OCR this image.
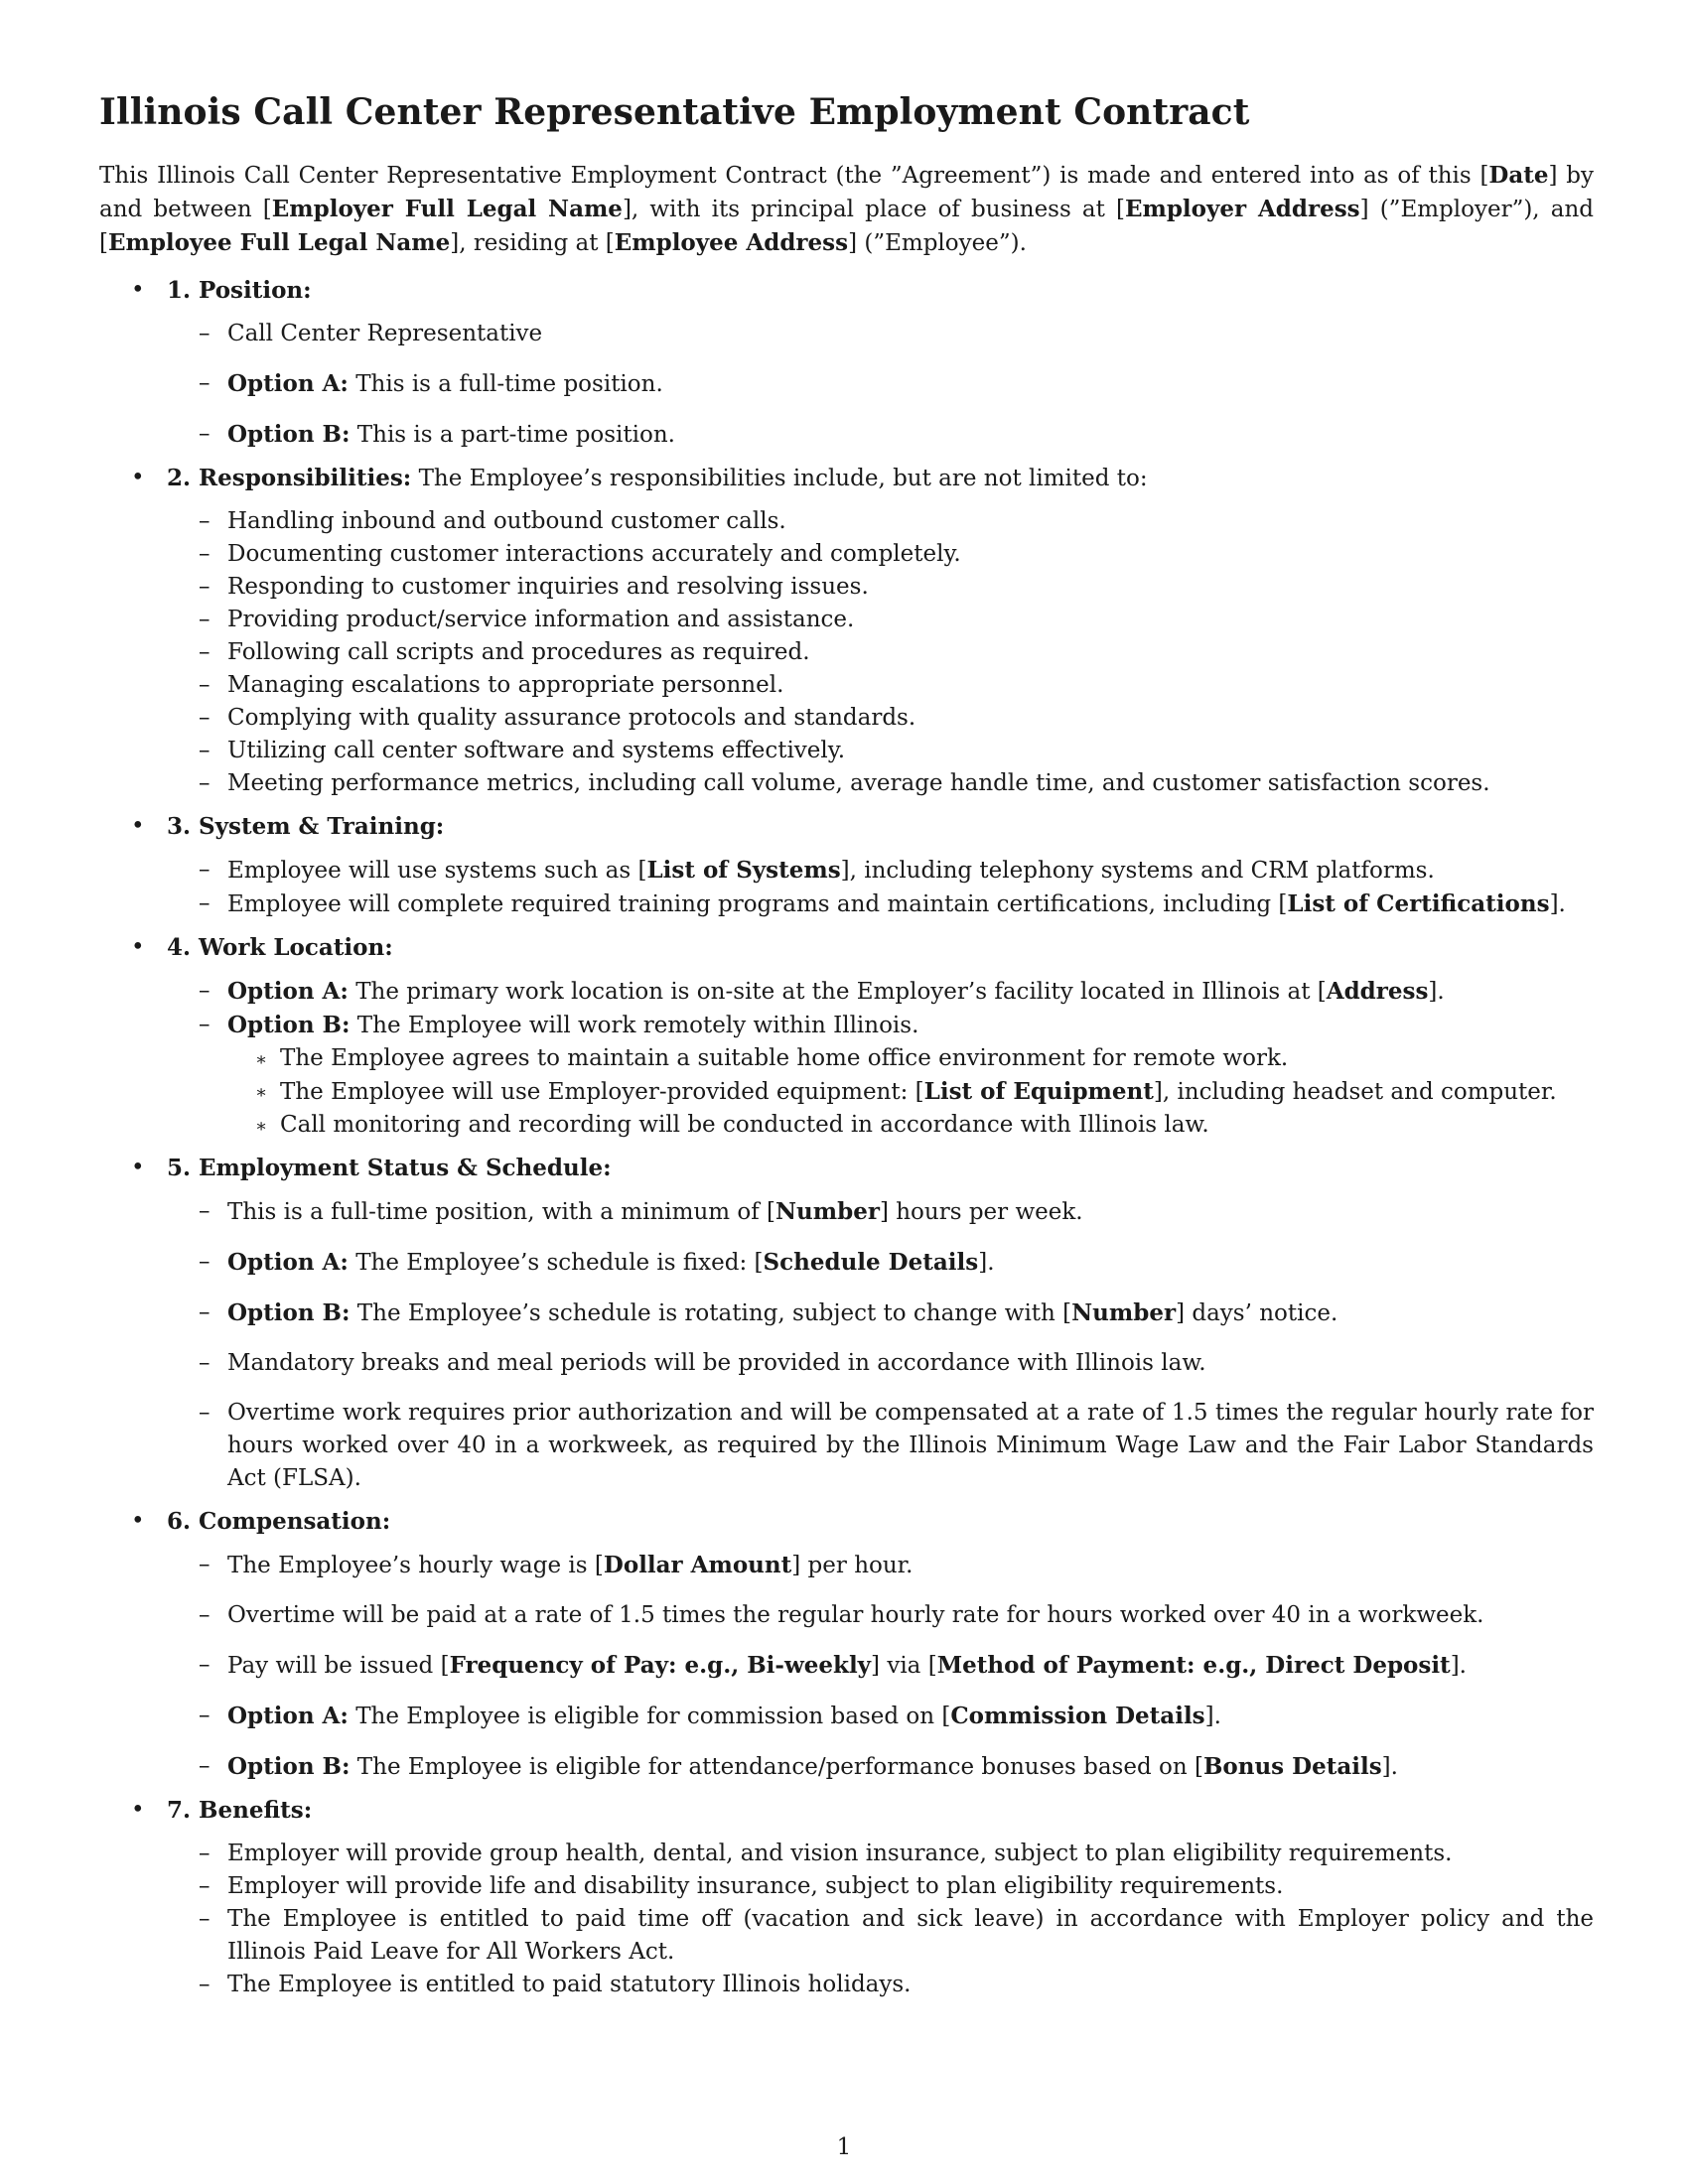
Illinois Call Center Representative Employment Contract

This Illinois Call Center Representative Employment Contract (the ”Agreement”) is made and entered into as of this [Date] by and between [Employer Full Legal Name], with its principal place of business at [Employer Address] (”Employer”), and [Employee Full Legal Name], residing at [Employee Address] (”Employee”).

• 1. Position:
– Call Center Representative
– Option A: This is a full-time position.
– Option B: This is a part-time position.
• 2. Responsibilities: The Employee’s responsibilities include, but are not limited to:
– Handling inbound and outbound customer calls.
– Documenting customer interactions accurately and completely.
– Responding to customer inquiries and resolving issues.
– Providing product/service information and assistance.
– Following call scripts and procedures as required.
– Managing escalations to appropriate personnel.
– Complying with quality assurance protocols and standards.
– Utilizing call center software and systems effectively.
– Meeting performance metrics, including call volume, average handle time, and customer satisfaction scores.
• 3. System & Training:
– Employee will use systems such as [List of Systems], including telephony systems and CRM platforms.
– Employee will complete required training programs and maintain certifications, including [List of Certifications].
• 4. Work Location:
– Option A: The primary work location is on-site at the Employer’s facility located in Illinois at [Address].
– Option B: The Employee will work remotely within Illinois.
∗ The Employee agrees to maintain a suitable home office environment for remote work.
∗ The Employee will use Employer-provided equipment: [List of Equipment], including headset and computer.
∗ Call monitoring and recording will be conducted in accordance with Illinois law.
• 5. Employment Status & Schedule:
– This is a full-time position, with a minimum of [Number] hours per week.
– Option A: The Employee’s schedule is fixed: [Schedule Details].
– Option B: The Employee’s schedule is rotating, subject to change with [Number] days’ notice.
– Mandatory breaks and meal periods will be provided in accordance with Illinois law.
– Overtime work requires prior authorization and will be compensated at a rate of 1.5 times the regular hourly rate for hours worked over 40 in a workweek, as required by the Illinois Minimum Wage Law and the Fair Labor Standards Act (FLSA).
• 6. Compensation:
– The Employee’s hourly wage is [Dollar Amount] per hour.
– Overtime will be paid at a rate of 1.5 times the regular hourly rate for hours worked over 40 in a workweek.
– Pay will be issued [Frequency of Pay: e.g., Bi-weekly] via [Method of Payment: e.g., Direct Deposit].
– Option A: The Employee is eligible for commission based on [Commission Details].
– Option B: The Employee is eligible for attendance/performance bonuses based on [Bonus Details].
• 7. Benefits:
– Employer will provide group health, dental, and vision insurance, subject to plan eligibility requirements.
– Employer will provide life and disability insurance, subject to plan eligibility requirements.
– The Employee is entitled to paid time off (vacation and sick leave) in accordance with Employer policy and the Illinois Paid Leave for All Workers Act.
– The Employee is entitled to paid statutory Illinois holidays.
1
